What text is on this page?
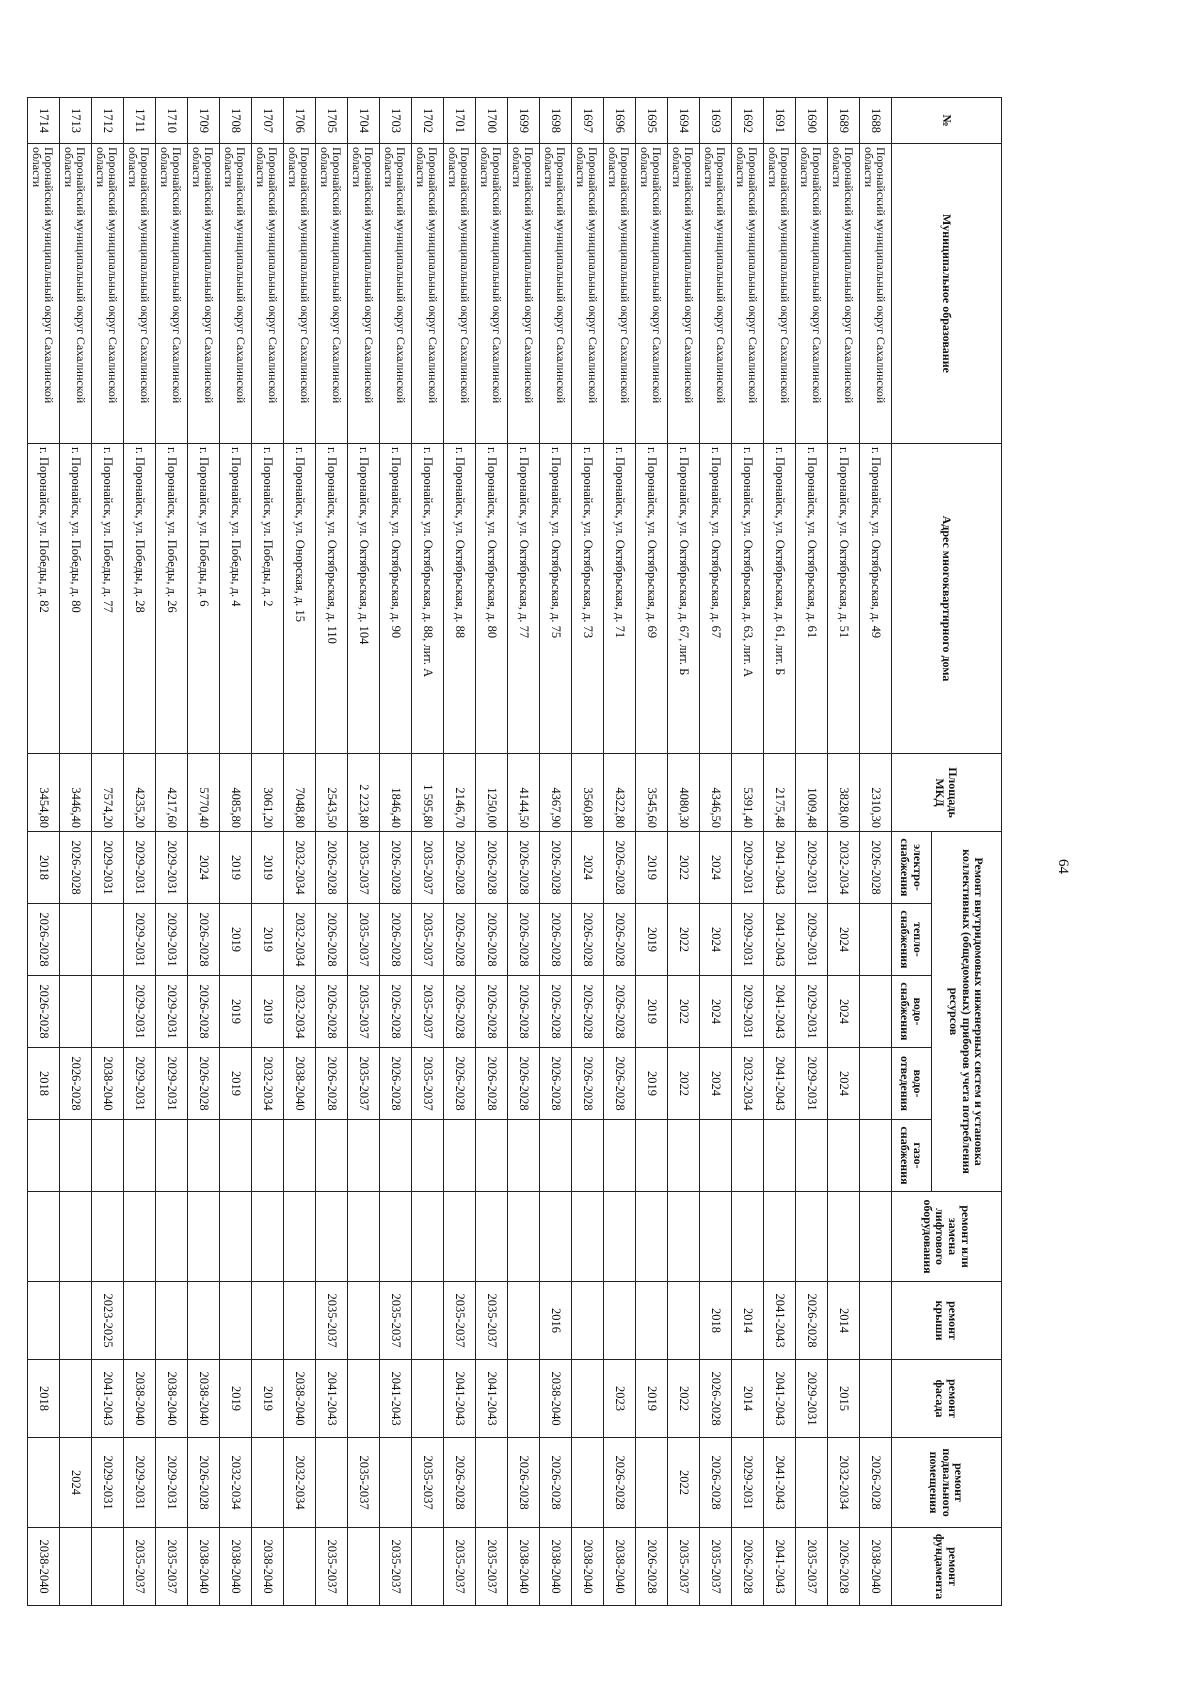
64
№	Муниципальное образование	Адрес многоквартирного дома	Площадь МКД	Ремонт внутридомовых инженерных систем и установка коллективных (общедомовых) приборов учета потребления ресурсов					ремонт или замена лифтового оборудования	ремонт крыши	ремонт фасада	ремонт подвального помещения	ремонт фундамента
				электро-снабжения	тепло-снабжения	водо-снабжения	водо-отведения	газо-снабжения					
1688	Поронайский муниципальный округ Сахалинской области	г. Поронайск, ул. Октябрьская, д. 49	2310,30	2026-2028								2026-2028	2038-2040
1689	Поронайский муниципальный округ Сахалинской области	г. Поронайск, ул. Октябрьская, д. 51	3828,00	2032-2034	2024	2024	2024			2014	2015	2032-2034	2026-2028
1690	Поронайский муниципальный округ Сахалинской области	г. Поронайск, ул. Октябрьская, д. 61	1009,48	2029-2031	2029-2031	2029-2031	2029-2031			2026-2028	2029-2031		2035-2037
1691	Поронайский муниципальный округ Сахалинской области	г. Поронайск, ул. Октябрьская, д. 61, лит. Б	2175,48	2041-2043	2041-2043	2041-2043	2041-2043			2041-2043	2041-2043	2041-2043	2041-2043
1692	Поронайский муниципальный округ Сахалинской области	г. Поронайск, ул. Октябрьская, д. 63, лит. А	5391,40	2029-2031	2029-2031	2029-2031	2032-2034			2014	2014	2029-2031	2026-2028
1693	Поронайский муниципальный округ Сахалинской области	г. Поронайск, ул. Октябрьская, д. 67	4346,50	2024	2024	2024	2024			2018	2026-2028	2026-2028	2035-2037
1694	Поронайский муниципальный округ Сахалинской области	г. Поронайск, ул. Октябрьская, д. 67, лит. Б	4080,30	2022	2022	2022	2022				2022	2022	2035-2037
1695	Поронайский муниципальный округ Сахалинской области	г. Поронайск, ул. Октябрьская, д. 69	3545,60	2019	2019	2019	2019				2019		2026-2028
1696	Поронайский муниципальный округ Сахалинской области	г. Поронайск, ул. Октябрьская, д. 71	4322,80	2026-2028	2026-2028	2026-2028	2026-2028				2023	2026-2028	2038-2040
1697	Поронайский муниципальный округ Сахалинской области	г. Поронайск, ул. Октябрьская, д. 73	3560,80	2024	2026-2028	2026-2028	2026-2028						2038-2040
1698	Поронайский муниципальный округ Сахалинской области	г. Поронайск, ул. Октябрьская, д. 75	4367,90	2026-2028	2026-2028	2026-2028	2026-2028			2016	2038-2040	2026-2028	2038-2040
1699	Поронайский муниципальный округ Сахалинской области	г. Поронайск, ул. Октябрьская, д. 77	4144,50	2026-2028	2026-2028	2026-2028	2026-2028					2026-2028	2038-2040
1700	Поронайский муниципальный округ Сахалинской области	г. Поронайск, ул. Октябрьская, д. 80	1250,00	2026-2028	2026-2028	2026-2028	2026-2028			2035-2037	2041-2043		2035-2037
1701	Поронайский муниципальный округ Сахалинской области	г. Поронайск, ул. Октябрьская, д. 88	2146,70	2026-2028	2026-2028	2026-2028	2026-2028			2035-2037	2041-2043	2026-2028	2035-2037
1702	Поронайский муниципальный округ Сахалинской области	г. Поронайск, ул. Октябрьская, д. 88, лит. А	1 595,80	2035-2037	2035-2037	2035-2037	2035-2037					2035-2037	
1703	Поронайский муниципальный округ Сахалинской области	г. Поронайск, ул. Октябрьская, д. 90	1846,40	2026-2028	2026-2028	2026-2028	2026-2028			2035-2037	2041-2043		2035-2037
1704	Поронайский муниципальный округ Сахалинской области	г. Поронайск, ул. Октябрьская, д. 104	2 223,80	2035-2037	2035-2037	2035-2037	2035-2037					2035-2037	
1705	Поронайский муниципальный округ Сахалинской области	г. Поронайск, ул. Октябрьская, д. 110	2543,50	2026-2028	2026-2028	2026-2028	2026-2028			2035-2037	2041-2043		2035-2037
1706	Поронайский муниципальный округ Сахалинской области	г. Поронайск, ул. Онорская, д. 15	7048,80	2032-2034	2032-2034	2032-2034	2038-2040				2038-2040	2032-2034	
1707	Поронайский муниципальный округ Сахалинской области	г. Поронайск, ул. Победы, д. 2	3061,20	2019	2019	2019	2032-2034				2019		2038-2040
1708	Поронайский муниципальный округ Сахалинской области	г. Поронайск, ул. Победы, д. 4	4085,80	2019	2019	2019	2019				2019	2032-2034	2038-2040
1709	Поронайский муниципальный округ Сахалинской области	г. Поронайск, ул. Победы, д. 6	5770,40	2024	2026-2028	2026-2028	2026-2028				2038-2040	2026-2028	2038-2040
1710	Поронайский муниципальный округ Сахалинской области	г. Поронайск, ул. Победы, д. 26	4217,60	2029-2031	2029-2031	2029-2031	2029-2031				2038-2040	2029-2031	2035-2037
1711	Поронайский муниципальный округ Сахалинской области	г. Поронайск, ул. Победы, д. 28	4235,20	2029-2031	2029-2031	2029-2031	2029-2031				2038-2040	2029-2031	2035-2037
1712	Поронайский муниципальный округ Сахалинской области	г. Поронайск, ул. Победы, д. 77	7574,20	2029-2031			2038-2040			2023-2025	2041-2043	2029-2031	
1713	Поронайский муниципальный округ Сахалинской области	г. Поронайск, ул. Победы, д. 80	3446,40	2026-2028			2026-2028					2024	
1714	Поронайский муниципальный округ Сахалинской области	г. Поронайск, ул. Победы, д. 82	3454,80	2018	2026-2028	2026-2028	2018				2018		2038-2040
